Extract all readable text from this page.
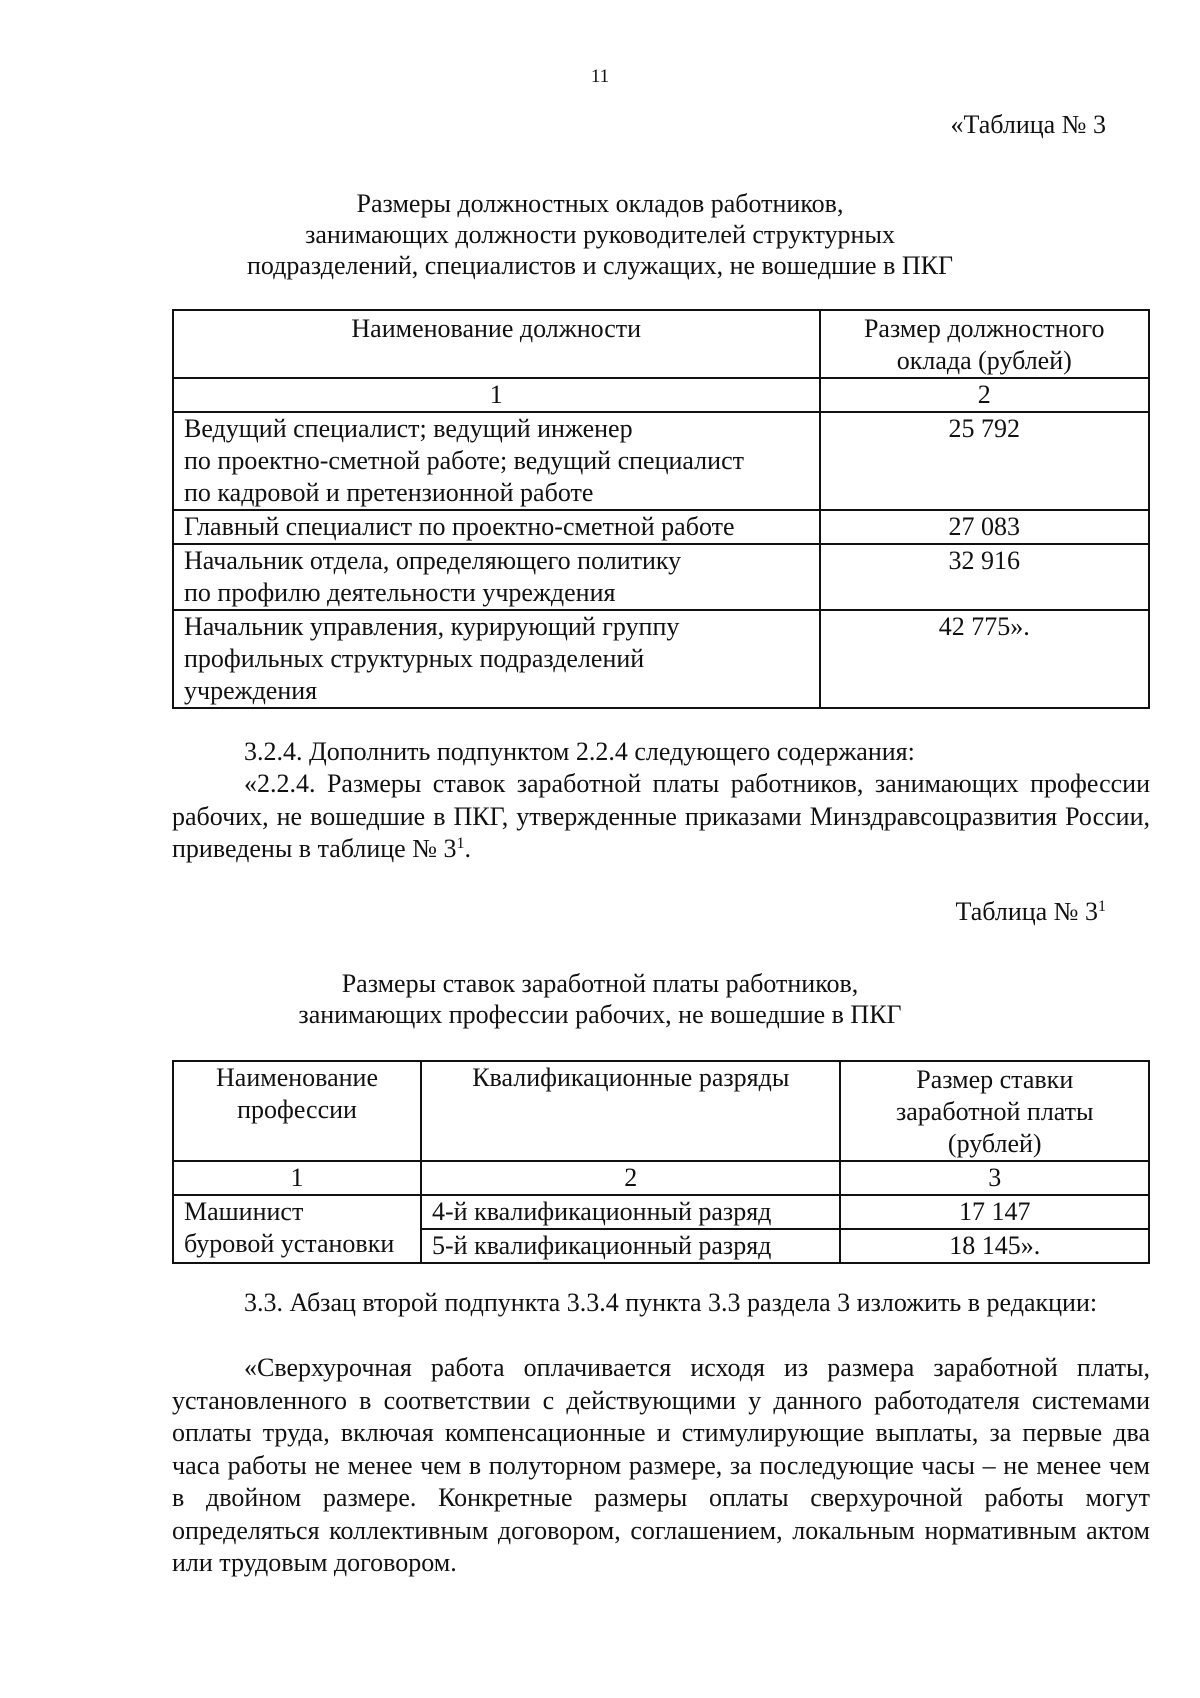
11
«Таблица № 3
Размеры должностных окладов работников,
занимающих должности руководителей структурных
подразделений, специалистов и служащих, не вошедшие в ПКГ
Наименование должности	Размер должностного оклада (рублей)
1	2

Ведущий специалист; ведущий инженер
по проектно-сметной работе; ведущий специалист
по кадровой и претензионной работе	25 792

Главный специалист по проектно-сметной работе	27 083

Начальник отдела, определяющего политику
по профилю деятельности учреждения	32 916

Начальник управления, курирующий группу
профильных структурных подразделений
учреждения	42 775».
3.2.4. Дополнить подпунктом 2.2.4 следующего содержания:
«2.2.4. Размеры ставок заработной платы работников, занимающих профессии рабочих, не вошедшие в ПКГ, утвержденные приказами Минздравсоцразвития России, приведены в таблице № $3^1$.
Таблица № $3^1$
Размеры ставок заработной платы работников,
занимающих профессии рабочих, не вошедшие в ПКГ
Наименование профессии	Квалификационные разряды	Размер ставки заработной платы (рублей)
1	2	3

Машинист
буровой установки	4-й квалификационный разряд	17 147
	5-й квалификационный разряд	18 145».
3.3. Абзац второй подпункта 3.3.4 пункта 3.3 раздела 3 изложить в редакции:
«Сверхурочная работа оплачивается исходя из размера заработной платы, установленного в соответствии с действующими у данного работодателя системами оплаты труда, включая компенсационные и стимулирующие выплаты, за первые два часа работы не менее чем в полуторном размере, за последующие часы – не менее чем в двойном размере. Конкретные размеры оплаты сверхурочной работы могут определяться коллективным договором, соглашением, локальным нормативным актом или трудовым договором.
